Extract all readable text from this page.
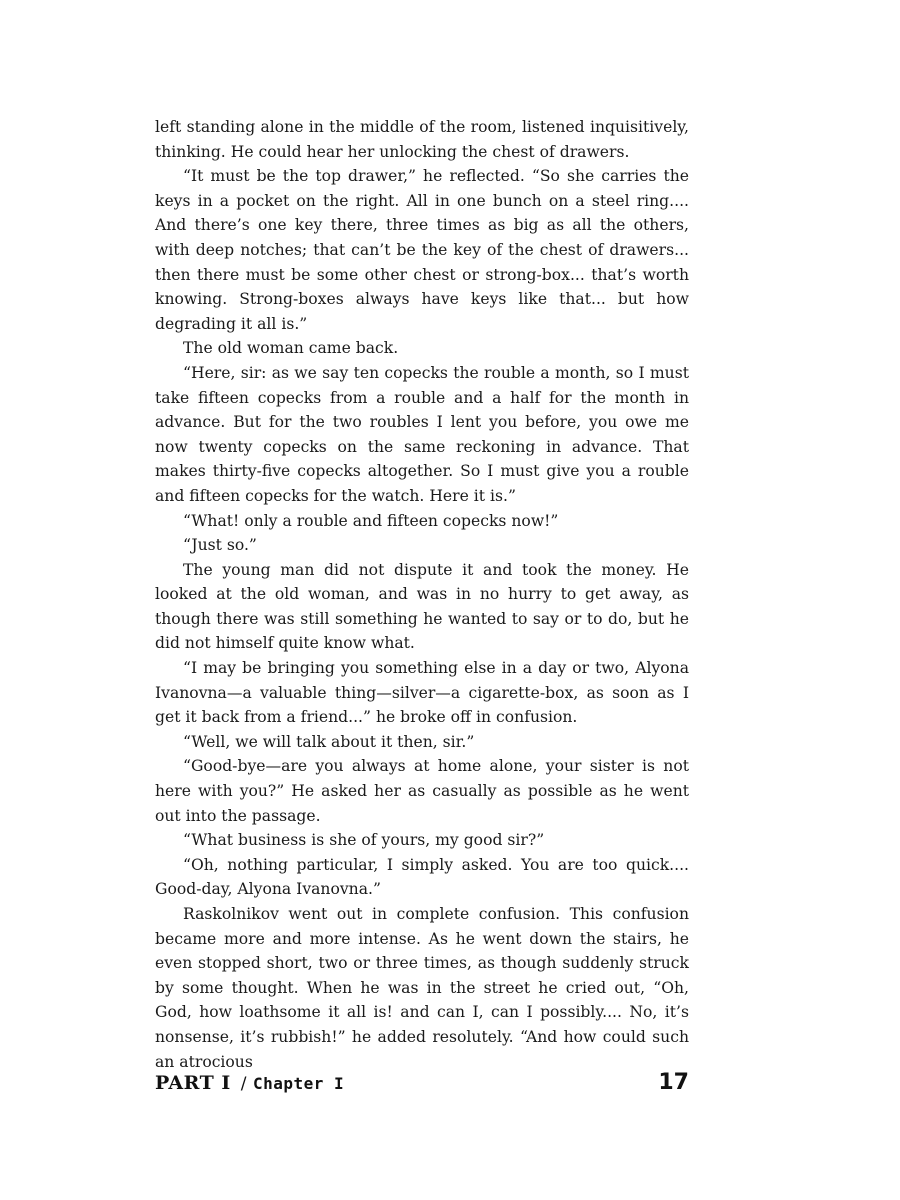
left standing alone in the middle of the room, listened inquisitively, thinking. He could hear her unlocking the chest of drawers.

“It must be the top drawer,” he reflected. “So she carries the keys in a pocket on the right. All in one bunch on a steel ring.... And there’s one key there, three times as big as all the others, with deep notches; that can’t be the key of the chest of drawers... then there must be some other chest or strong-box... that’s worth knowing. Strong-boxes always have keys like that... but how degrading it all is.”

The old woman came back.

“Here, sir: as we say ten copecks the rouble a month, so I must take fifteen copecks from a rouble and a half for the month in advance. But for the two roubles I lent you before, you owe me now twenty copecks on the same reckoning in advance. That makes thirty-five copecks altogether. So I must give you a rouble and fifteen copecks for the watch. Here it is.”

“What! only a rouble and fifteen copecks now!”

“Just so.”

The young man did not dispute it and took the money. He looked at the old woman, and was in no hurry to get away, as though there was still something he wanted to say or to do, but he did not himself quite know what.

“I may be bringing you something else in a day or two, Alyona Ivanovna—a valuable thing—silver—a cigarette-box, as soon as I get it back from a friend...” he broke off in confusion.

“Well, we will talk about it then, sir.”

“Good-bye—are you always at home alone, your sister is not here with you?” He asked her as casually as possible as he went out into the passage.

“What business is she of yours, my good sir?”

“Oh, nothing particular, I simply asked. You are too quick.... Good-day, Alyona Ivanovna.”

Raskolnikov went out in complete confusion. This confusion became more and more intense. As he went down the stairs, he even stopped short, two or three times, as though suddenly struck by some thought. When he was in the street he cried out, “Oh, God, how loathsome it all is! and can I, can I possibly.... No, it’s nonsense, it’s rubbish!” he added resolutely. “And how could such an atrocious

PART I / Chapter I	17
